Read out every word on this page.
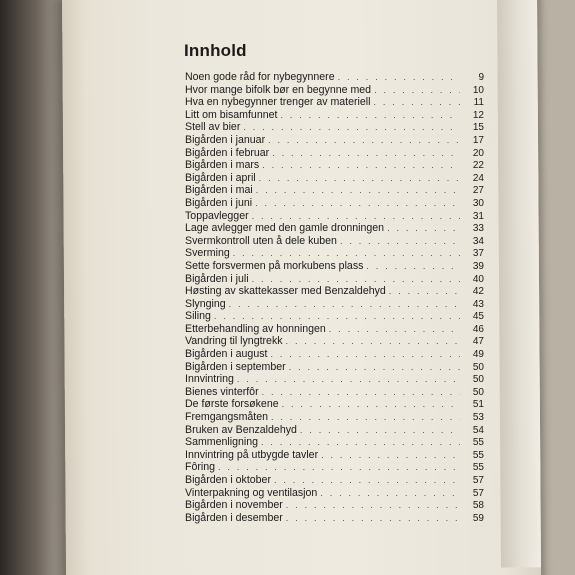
Innhold
Noen gode råd for nybegynnere . . .	9
Hvor mange bifolk bør en begynne med . . .	10
Hva en nybegynner trenger av materiell . . .	11
Litt om bisamfunnet . . .	12
Stell av bier . . .	15
Bigården i januar . . .	17
Bigården i februar . . .	20
Bigården i mars . . .	22
Bigården i april . . .	24
Bigården i mai . . .	27
Bigården i juni . . .	30
Toppavlegger . . .	31
Lage avlegger med den gamle dronningen . . .	33
Svermkontroll uten å dele kuben . . .	34
Sverming . . .	37
Sette forsvermen på morkubens plass . . .	39
Bigården i juli . . .	40
Høsting av skattekasser med Benzaldehyd . . .	42
Slynging . . .	43
Siling . . .	45
Etterbehandling av honningen . . .	46
Vandring til lyngtrekk . . .	47
Bigården i august . . .	49
Bigården i september . . .	50
Innvintring . . .	50
Bienes vinterfôr . . .	50
De første forsøkene . . .	51
Fremgangsmåten . . .	53
Bruken av Benzaldehyd . . .	54
Sammenligning . . .	55
Innvintring på utbygde tavler . . .	55
Fôring . . .	55
Bigården i oktober . . .	57
Vinterpakning og ventilasjon . . .	57
Bigården i november . . .	58
Bigården i desember . . .	59
